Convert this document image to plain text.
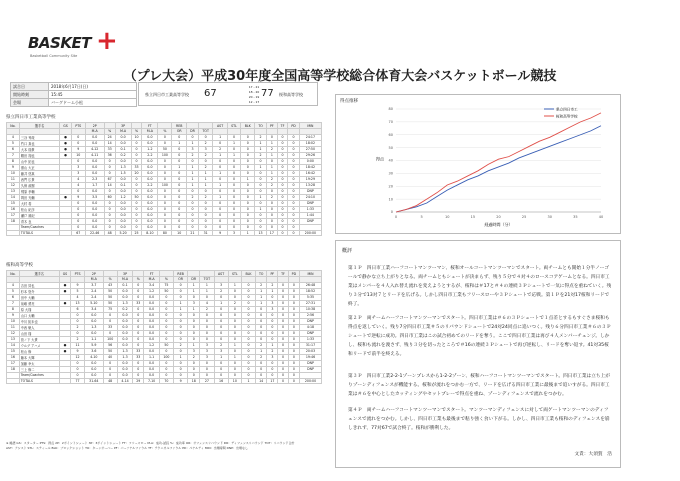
BASKET +
Basketball Community Site
（プレ大会）平成30年度全国高等学校総合体育大会バスケットボール競技
試合日	2018年6月17日(日)
開始時刻	15:45
会場	バーグドーム小松
県立四日市工業高等学校 67
17 - 21
18 - 20
20 - 19
12 - 17
77 桜和高等学校
県立四日市工業高等学校
No.	選手名	GS	PTS	2P		3P		FT		REB			AST	STL	BLK	TO	PF	TF	PD	MIN
				M-A	%	M-A	%	M-A	%	OR	DR	TOT								
4	三谷 秀哉	●	0	0-0	24	0-0	10	0-0	0	0	0	0	1	0	0	2	0	0	0	24:17
5	竹口 真也	●	0	0-0	14	0-0	0	0-0	0	1	1	2	0	1	0	1	1	0	0	18:02
6	大本 瑞貴	●	9	4-12	33	0-1	0	1-2	50	0	3	3	2	0	0	1	2	0	0	27:50
7	鶴田 翔也	●	10	4-11	36	0-2	0	2-2	100	0	2	2	1	1	0	2	1	0	0	29:26
8	山中 拓也		0	0-0	0	0-0	0	0-0	0	0	0	0	0	0	0	0	0	0	0	0:00
9	照山 大正		3	0-0	0	1-3	33	0-0	0	1	1	2	0	0	0	1	1	0	0	18:42
10	藤井 悠真		3	0-0	0	1-5	20	0-0	0	0	1	1	1	0	0	0	1	0	0	16:42
11	西門 広貴		4	2-3	67	0-0	0	0-0	0	0	1	1	0	0	1	0	2	0	0	19:29
12	久保 政樹		4	1-7	14	0-1	0	2-2	100	0	1	1	1	0	0	0	2	0	0	13:28
13	飛原 孝輔		0	0-0	0	0-0	0	0-0	0	0	0	0	0	0	0	0	0	0	0	DNP
14	岡田 光輔	●	9	3-5	60	1-2	50	0-0	0	0	2	2	1	0	0	1	2	0	0	24:10
15	大村 将		0	0-0	0	0-0	0	0-0	0	0	0	0	0	0	0	0	0	0	0	DNP
16	松山 紀彦		0	0-0	0	0-0	0	0-0	0	0	0	0	0	0	0	1	0	0	0	1:33
17	瀬戸 雄紀		0	0-0	0	0-0	0	0-0	0	0	0	0	0	0	0	0	0	0	0	1:44
18	青木 良		0	0-0	0	0-0	0	0-0	0	0	0	0	0	0	0	0	0	0	0	DNP
	Team/Coaches		0	0-0	0	0-0	0	0-0	0	0	0	0	0	0	0	0	0	0	0	
	TOTALS		67	22-46	48	5-20	25	8-10	80	10	21	31	9	3	1	13	17	0	0	200:00
桜和高等学校
No.	選手名	GS	PTS	2P		3P		FT		REB			AST	STL	BLK	TO	PF	TF	PD	MIN
				M-A	%	M-A	%	M-A	%	OR	DR	TOT								
4	吉田 昇也	●	9	3-7	43	0-1	0	3-4	75	0	1	1	3	1	0	2	2	0	0	26:48
5	杉本 悠介	●	5	2-4	50	0-0	0	1-2	50	0	1	1	2	0	0	1	1	0	0	18:52
6	田中 大輔		4	2-4	50	0-0	0	0-0	0	0	0	0	0	0	0	1	0	0	0	5:35
7	前嶋 勇亮	●	13	5-10	50	1-3	33	0-0	0	1	3	4	1	2	0	1	3	0	0	27:31
8	原 大翔		6	3-4	75	0-2	0	0-0	0	1	1	2	0	0	0	0	3	0	0	10:38
9	山口 太輔		0	0-0	0	0-0	0	0-0	0	0	0	0	0	0	0	0	0	0	0	2:56
10	中川 拓未也		0	0-0	0	0-0	0	0-0	0	0	0	0	0	0	0	0	0	0	0	DNP
11	中西 魁人		2	1-3	33	0-0	0	0-0	0	0	0	0	0	0	0	0	0	0	0	4:18
12	山田 翔		0	0-0	0	0-0	0	0-0	0	0	0	0	0	0	0	0	0	0	0	DNP
13	菅ノ下 大貴		2	1-1	100	0-0	0	0-0	0	0	0	0	0	0	0	0	0	0	0	1:33
14	ウルグ アハメ	●	11	5-9	56	0-0	0	1-2	50	2	1	3	2	1	0	2	1	0	0	31:17
15	松山 修	●	9	3-6	50	1-3	33	0-0	0	0	3	3	3	0	0	1	2	0	0	20:03
16	藤本 大輝		12	4-10	40	1-3	33	1-1	100	1	2	3	1	1	0	2	3	0	0	19:46
17	加藤 幸太		0	0-0	0	0-0	0	0-0	0	0	0	0	0	0	0	0	0	0	0	DNP
18	三上 修二		0	0-0	0	0-0	0	0-0	0	0	0	0	0	0	0	0	0	0	0	DNP
	Team/Coaches		0	0-0	0	0-0	0	0-0	0	0	0	0	0	0	0	0	0	0	0	
	TOTALS		77	31-64	48	4-14	29	7-10	70	9	18	27	16	10	1	14	17	0	0	200:00
得点推移
0
10
20
30
40
50
60
70
80
0	5	10	15	20	25	30	35	40
経過時間（分）
得点
県立四日市工
桜和高等学校
概評
第１Ｐ　四日市工業ハーフコートマンツーマン、桜和オールコートマンツーマンでスタート。両チームとも開始１分半ノーゴールで静かな立ち上がりとなる。両チームともシュートが決まらず、残り５分で４対４のロースコアゲームとなる。四日市工業はメンバーを４人入れ替え流れを変えようとするが、桜和は＃17と＃４の連続３Ｐシュートで一気に得点を重ねていく。残り３分で13対７とリードを広げる。しかし四日市工業もフリースローや３Ｐシュートで応戦。第１Ｐを21対17桜和リードで終了。
第２Ｐ　両チームハーフコートマンツーマンでスタート。四日市工業は＃６の３Ｐシュートで１点差とするもすぐさま桜和も得点を返していく。残り7分四日市工業＃５のリバウンドシュートで24対24同点に追いつく。残り６分四日市工業＃６の３Ｐシュートで逆転に成功。四日市工業はこの試合初めてのリードを奪う。ここで四日市工業は再び４人メンバーチェンジ。しかし、桜和も流れを渡さず、残り３分を切ったところで＃16の連続３Ｐシュートで再び逆転し、リードを奪い返す。41対35桜和リードで前半を終える。
第３Ｐ　四日市工業2-2-1ゾーンプレスから1-2-2ゾーン、桜和ハーフコートマンツーマンでスタート。四日市工業は立ち上がりゾーンディフェンスが機能する。桜和が流れをつかむ一方で、リードを広げる四日市工業に最後まで追いすがる。四日市工業は＃６を中心としたカッティングやセットプレーで得点を重ね、ゾーンディフェンスで流れをつかむ。
第４Ｐ　両チームハーフコートマンツーマンでスタート。マンツーマンディフェンスに対して両ゲートマンツーマンのディフェンスで流れをつかむ。しかし、四日市工業も最後まで粘り強く食い下がる。しかし、四日市工業も桜和のディフェンスを崩しきれず、77対67で試合終了。桜和が勝利した。
文責：大須賀　浩
※ 略語 GS：スターター PTS：得点 2P：2ポイントシュート 3P：3ポイントシュート FT：フリースロー M-A：成功-試投 %：成功率 OR：オフェンスリバウンド DR：ディフェンスリバウンド TOT：リバウンド合計
AST：アシスト STL：スティール BLK：ブロックショット TO：ターンオーバー PF：パーソナルファウル TF：テクニカルファウル PD：ペナルティ MIN：出場時間 DNP：出場なし
